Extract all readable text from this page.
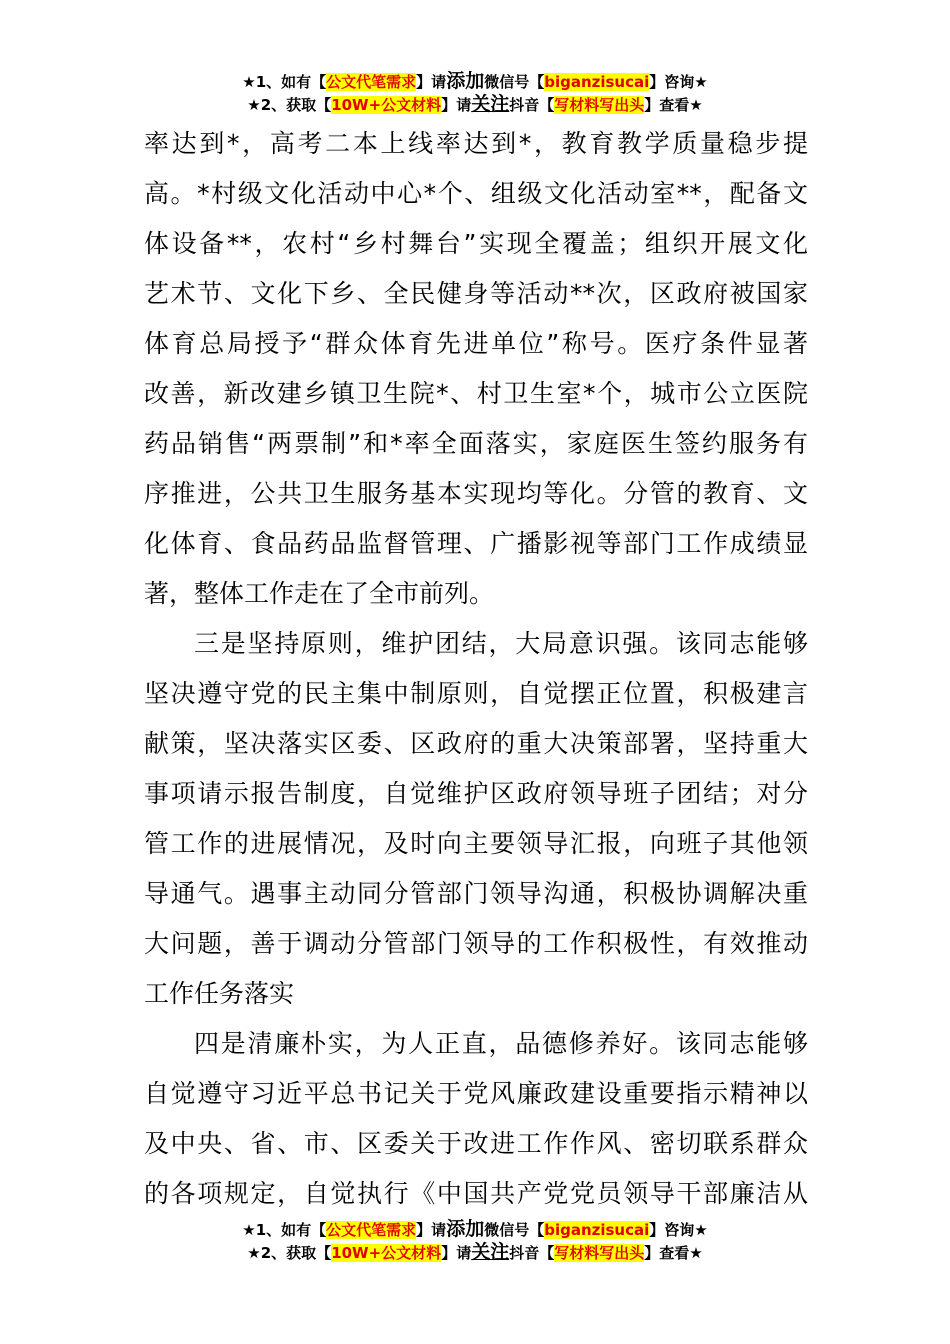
★1、如有【公文代笔需求】请添加微信号【biganzisucai】咨询★
★2、获取【10W+公文材料】请关注抖音【写材料写出头】查看★
率达到*，高考二本上线率达到*，教育教学质量稳步提
高。*村级文化活动中心*个、组级文化活动室**，配备文
体设备**，农村“乡村舞台”实现全覆盖；组织开展文化
艺术节、文化下乡、全民健身等活动**次，区政府被国家
体育总局授予“群众体育先进单位”称号。医疗条件显著
改善，新改建乡镇卫生院*、村卫生室*个，城市公立医院
药品销售“两票制”和*率全面落实，家庭医生签约服务有
序推进，公共卫生服务基本实现均等化。分管的教育、文
化体育、食品药品监督管理、广播影视等部门工作成绩显
著，整体工作走在了全市前列。
三是坚持原则，维护团结，大局意识强。该同志能够
坚决遵守党的民主集中制原则，自觉摆正位置，积极建言
献策，坚决落实区委、区政府的重大决策部署，坚持重大
事项请示报告制度，自觉维护区政府领导班子团结；对分
管工作的进展情况，及时向主要领导汇报，向班子其他领
导通气。遇事主动同分管部门领导沟通，积极协调解决重
大问题，善于调动分管部门领导的工作积极性，有效推动
工作任务落实
四是清廉朴实，为人正直，品德修养好。该同志能够
自觉遵守习近平总书记关于党风廉政建设重要指示精神以
及中央、省、市、区委关于改进工作作风、密切联系群众
的各项规定，自觉执行《中国共产党党员领导干部廉洁从
★1、如有【公文代笔需求】请添加微信号【biganzisucai】咨询★
★2、获取【10W+公文材料】请关注抖音【写材料写出头】查看★
